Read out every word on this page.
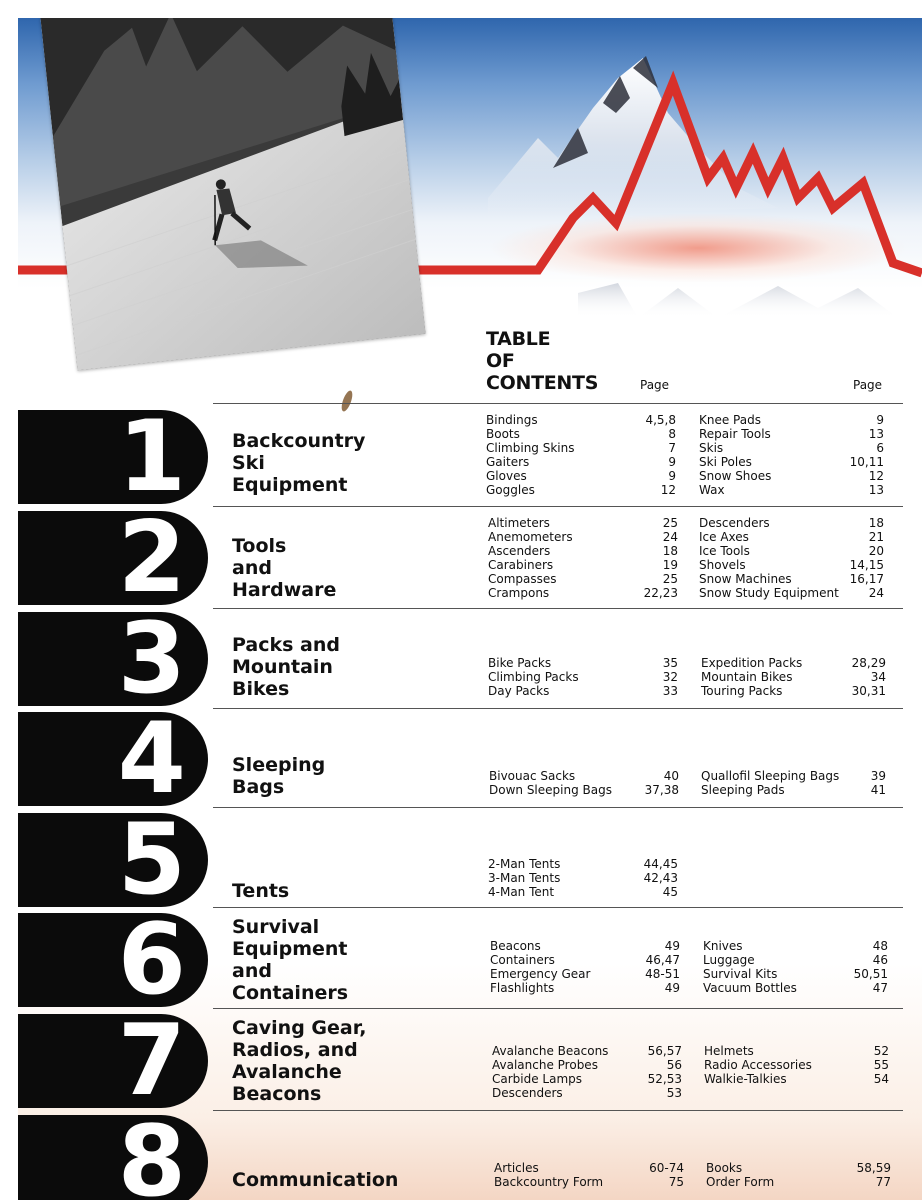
TABLE
OF
CONTENTS	Page	Page
1 Backcountry
Ski
Equipment
Bindings	4,5,8
Boots	8
Climbing Skins	7
Gaiters	9
Gloves	9
Goggles	12
Knee Pads	9
Repair Tools	13
Skis	6
Ski Poles	10,11
Snow Shoes	12
Wax	13
2 Tools
and
Hardware
Altimeters	25
Anemometers	24
Ascenders	18
Carabiners	19
Compasses	25
Crampons	22,23
Descenders	18
Ice Axes	21
Ice Tools	20
Shovels	14,15
Snow Machines	16,17
Snow Study Equipment 24
3 Packs and
Mountain
Bikes
Bike Packs	35
Climbing Packs	32
Day Packs	33
Expedition Packs	28,29
Mountain Bikes	34
Touring Packs	30,31
4 Sleeping
Bags	Bivouac Sacks	40
Down Sleeping Bags	37,38
Quallofil Sleeping Bags	39
Sleeping Pads	41
5 Tents
2-Man Tents	44,45
3-Man Tents	42,43
4-Man Tent	45
6 Survival
Equipment
and
Containers
Beacons	49
Containers	46,47
Emergency Gear	48-51
Flashlights	49
Knives	48
Luggage	46
Survival Kits	50,51
Vacuum Bottles	47
7 Caving Gear,
Radios, and
Avalanche
Beacons
Avalanche Beacons	56,57
Avalanche Probes	56
Carbide Lamps	52,53
Descenders	53
Helmets	52
Radio Accessories	55
Walkie-Talkies	54
8 Communication
Articles	60-74
Backcountry Form	75
Books	58,59
Order Form	77
